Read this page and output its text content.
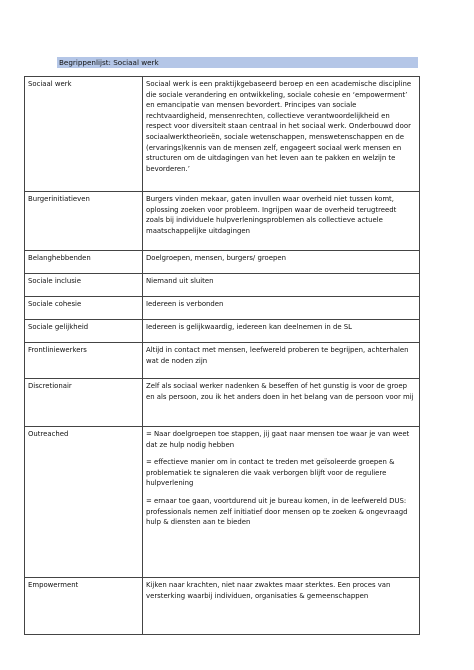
Begrippenlijst: Sociaal werk
Sociaal werk	Sociaal werk is een praktijkgebaseerd beroep en een academische discipline die sociale verandering en ontwikkeling, sociale cohesie en ‘empowerment’ en emancipatie van mensen bevordert. Principes van sociale rechtvaardigheid, mensenrechten, collectieve verantwoordelijkheid en respect voor diversiteit staan centraal in het sociaal werk. Onderbouwd door sociaalwerktheorieën, sociale wetenschappen, menswetenschappen en de (ervarings)kennis van de mensen zelf, engageert sociaal werk mensen en structuren om de uitdagingen van het leven aan te pakken en welzijn te bevorderen.’

Burgerinitiatieven	Burgers vinden mekaar, gaten invullen waar overheid niet tussen komt, oplossing zoeken voor probleem. Ingrijpen waar de overheid terugtreedt zoals bij individuele hulpverleningsproblemen als collectieve actuele maatschappelijke uitdagingen

Belanghebbenden	Doelgroepen, mensen, burgers/ groepen

Sociale inclusie	Niemand uit sluiten

Sociale cohesie	Iedereen is verbonden

Sociale gelijkheid	Iedereen is gelijkwaardig, iedereen kan deelnemen in de SL

Frontliniewerkers	Altijd in contact met mensen, leefwereld proberen te begrijpen, achterhalen wat de noden zijn

Discretionair	Zelf als sociaal werker nadenken & beseffen of het gunstig is voor de groep en als persoon, zou ik het anders doen in het belang van de persoon voor mij

Outreached	= Naar doelgroepen toe stappen, jij gaat naar mensen toe waar je van weet dat ze hulp nodig hebben
= effectieve manier om in contact te treden met geïsoleerde groepen & problematiek te signaleren die vaak verborgen blijft voor de reguliere hulpverlening
= ernaar toe gaan, voortdurend uit je bureau komen, in de leefwereld DUS: professionals nemen zelf initiatief door mensen op te zoeken & ongevraagd hulp & diensten aan te bieden

Empowerment	Kijken naar krachten, niet naar zwaktes maar sterktes. Een proces van versterking waarbij individuen, organisaties & gemeenschappen
